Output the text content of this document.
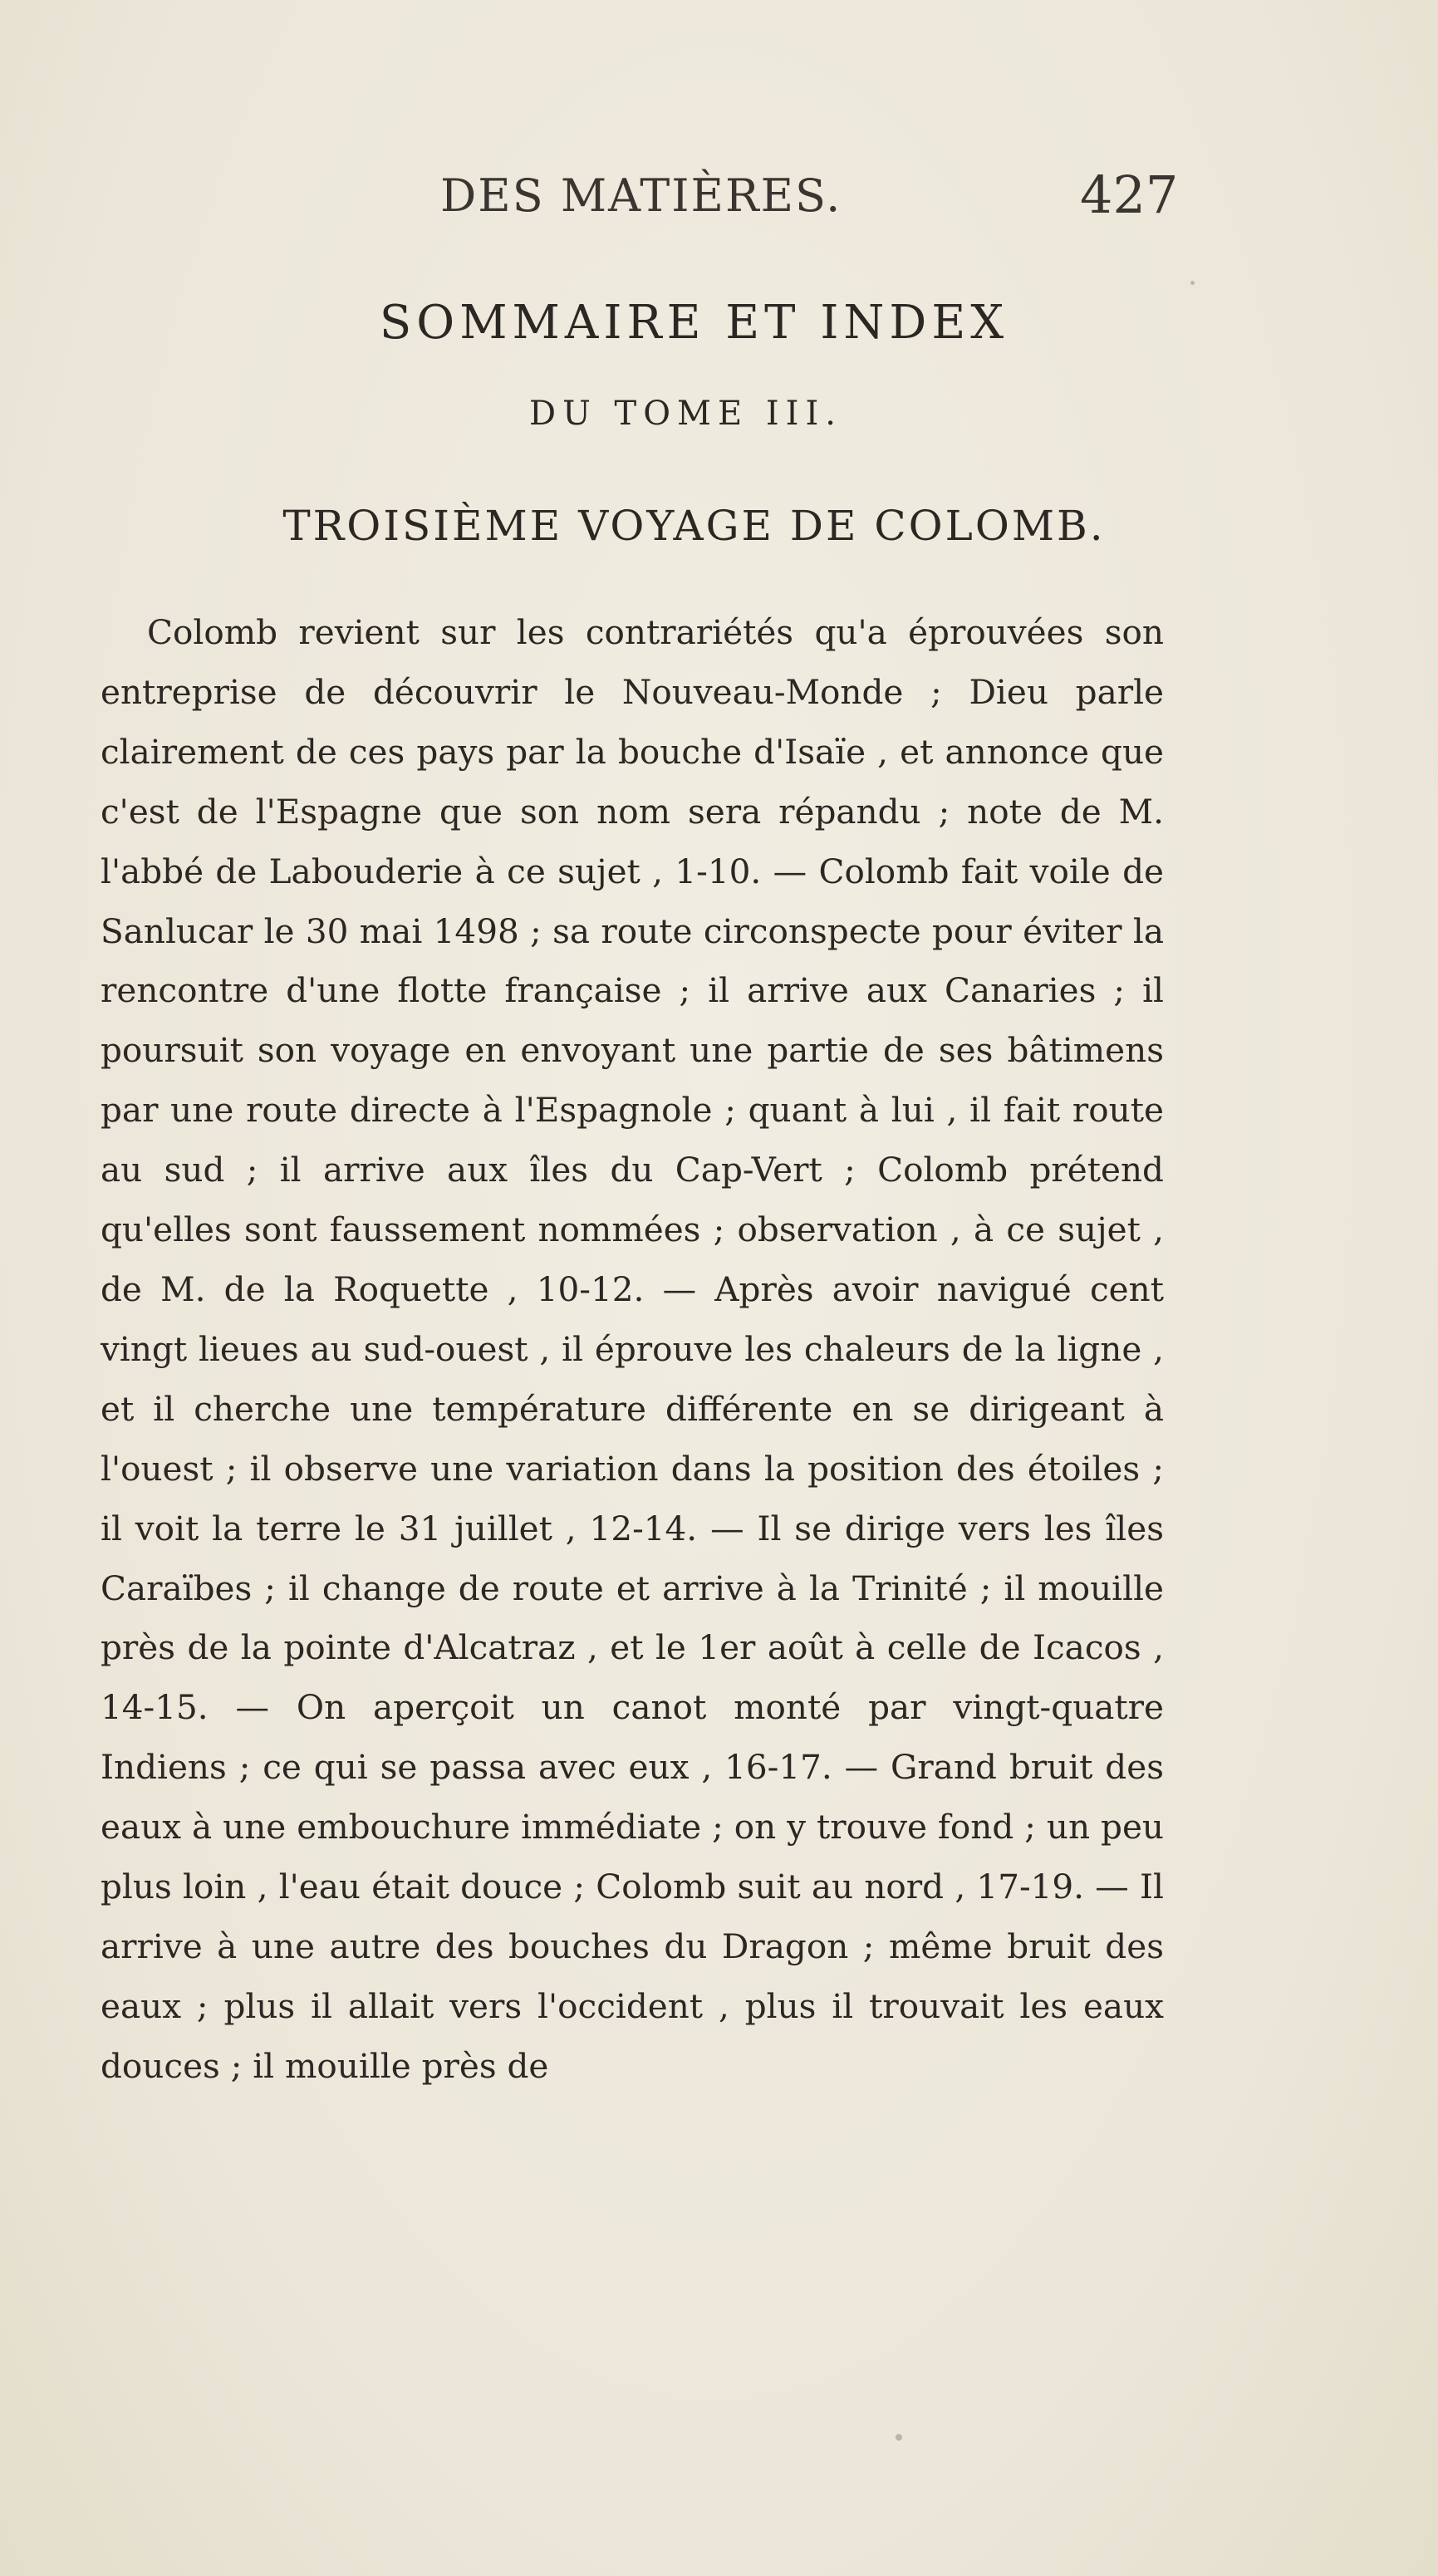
DES MATIÈRES.	427
SOMMAIRE ET INDEX
DU TOME III.
TROISIÈME VOYAGE DE COLOMB.

Colomb revient sur les contrariétés qu'a éprouvées son entreprise de découvrir le Nouveau-Monde ; Dieu parle clairement de ces pays par la bouche d'Isaïe , et annonce que c'est de l'Espagne que son nom sera répandu ; note de M. l'abbé de Labouderie à ce sujet , 1-10. — Colomb fait voile de Sanlucar le 30 mai 1498 ; sa route circonspecte pour éviter la rencontre d'une flotte française ; il arrive aux Canaries ; il poursuit son voyage en envoyant une partie de ses bâtimens par une route directe à l'Espagnole ; quant à lui , il fait route au sud ; il arrive aux îles du Cap-Vert ; Colomb prétend qu'elles sont faussement nommées ; observation , à ce sujet , de M. de la Roquette , 10-12. — Après avoir navigué cent vingt lieues au sud-ouest , il éprouve les chaleurs de la ligne , et il cherche une température différente en se dirigeant à l'ouest ; il observe une variation dans la position des étoiles ; il voit la terre le 31 juillet , 12-14. — Il se dirige vers les îles Caraïbes ; il change de route et arrive à la Trinité ; il mouille près de la pointe d'Alcatraz , et le 1er août à celle de Icacos , 14-15. — On aperçoit un canot monté par vingt-quatre Indiens ; ce qui se passa avec eux , 16-17. — Grand bruit des eaux à une embouchure immédiate ; on y trouve fond ; un peu plus loin , l'eau était douce ; Colomb suit au nord , 17-19. — Il arrive à une autre des bouches du Dragon ; même bruit des eaux ; plus il allait vers l'occident , plus il trouvait les eaux douces ; il mouille près de
